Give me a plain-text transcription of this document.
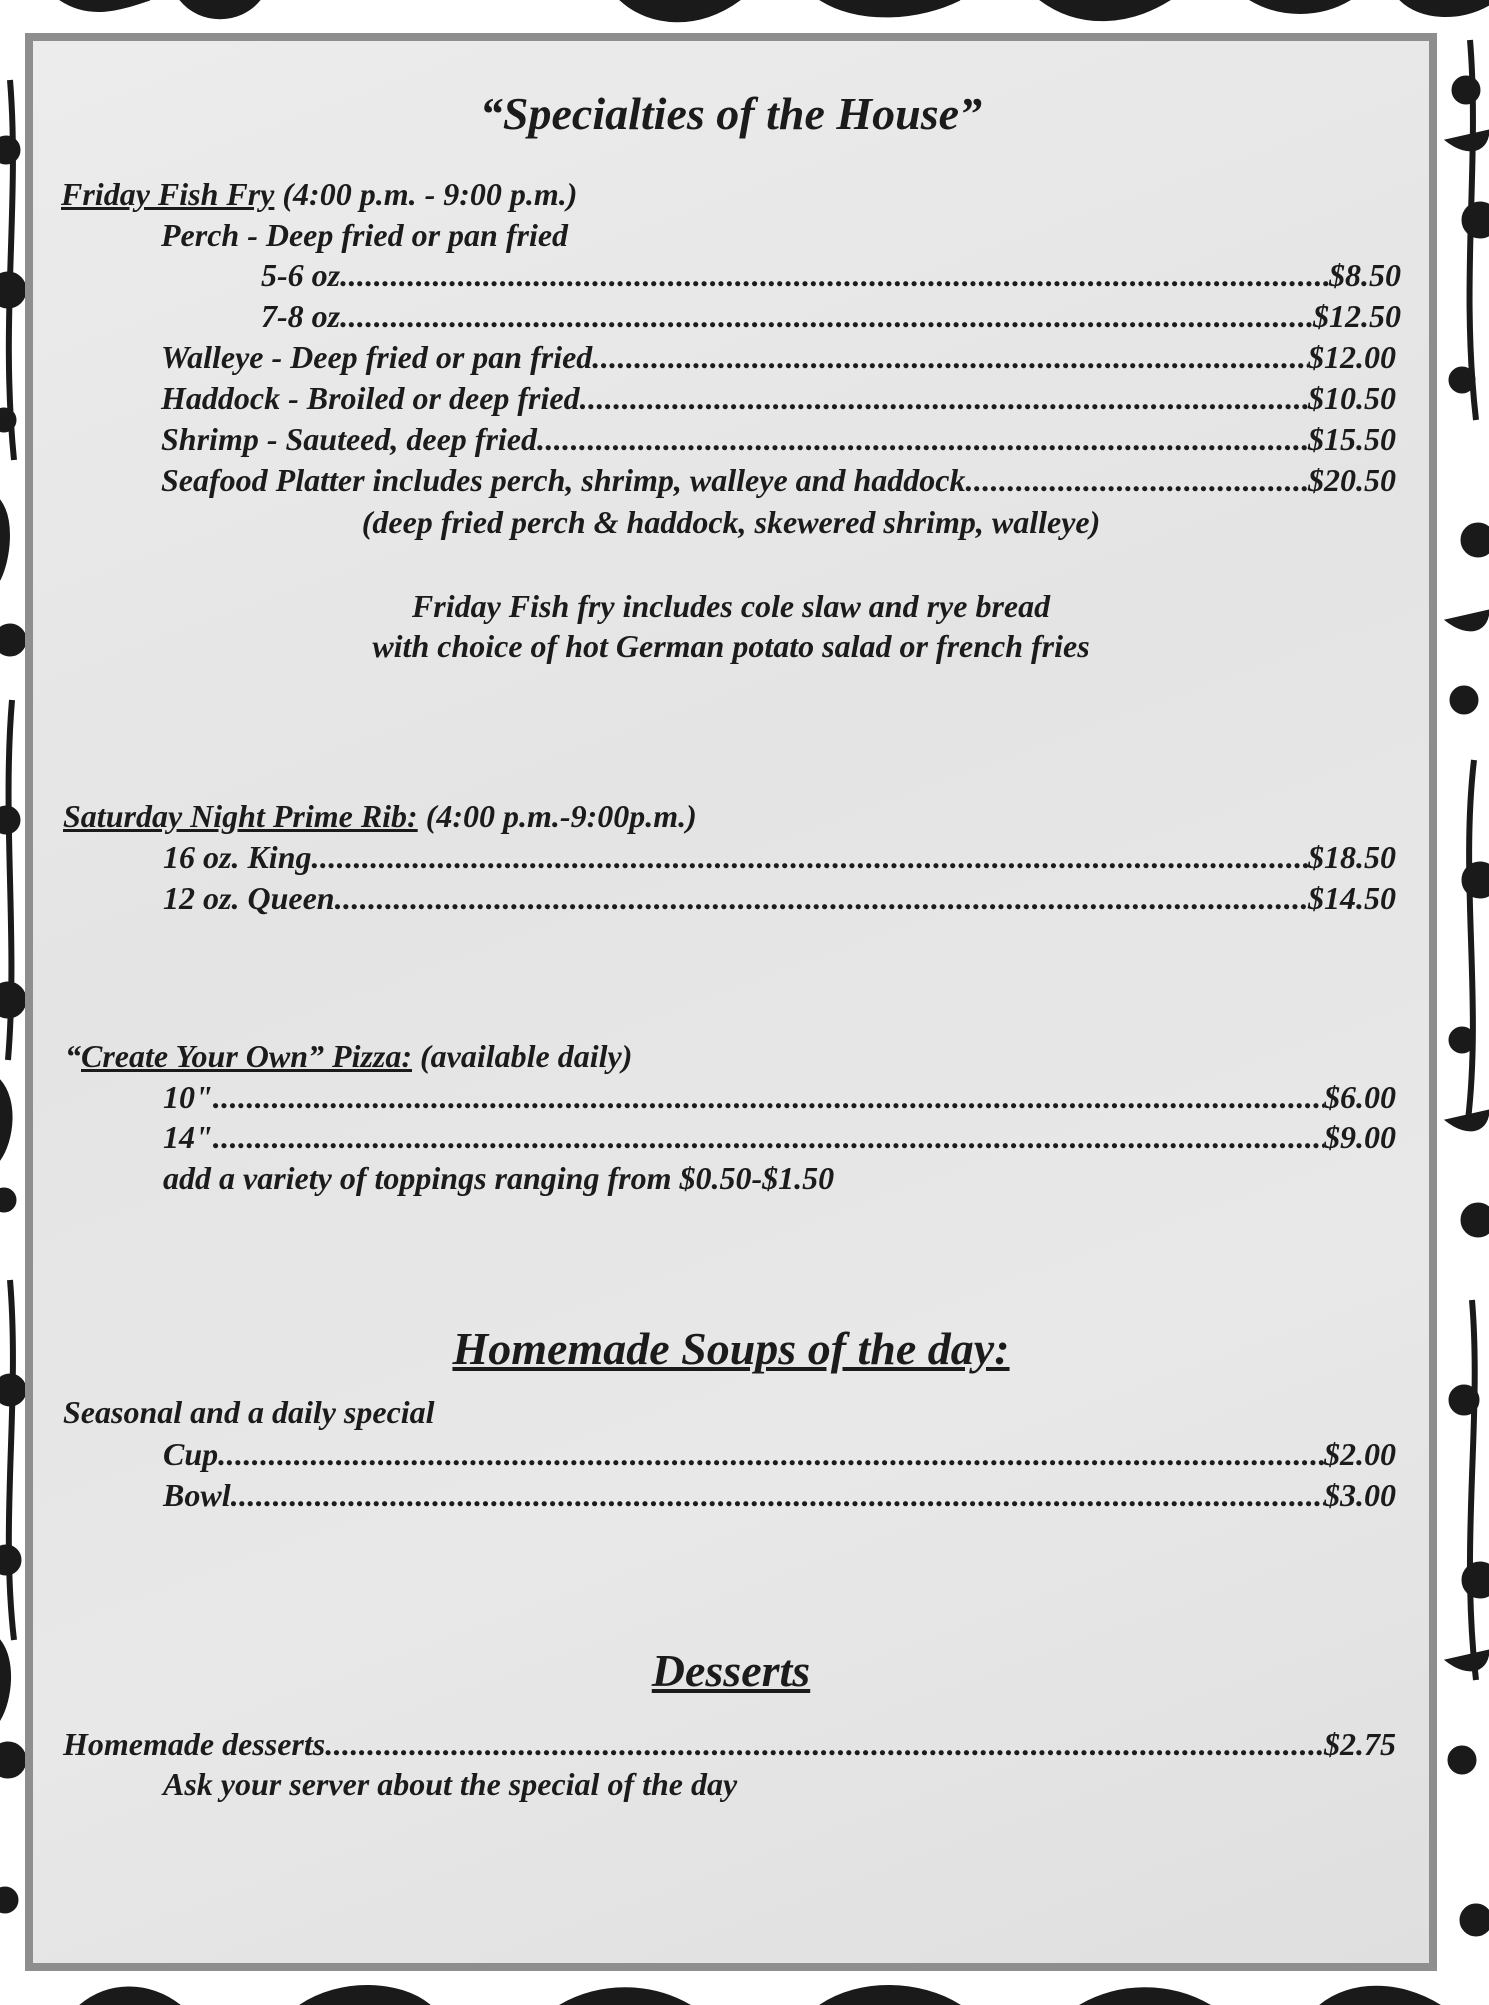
“Specialties of the House”
Friday Fish Fry (4:00 p.m. - 9:00 p.m.)
Perch - Deep fried or pan fried
5-6 oz .....	$8.50
7-8 oz .....	$12.50
Walleye - Deep fried or pan fried .....	$12.00
Haddock - Broiled or deep fried .....	$10.50
Shrimp - Sauteed, deep fried .....	$15.50
Seafood Platter includes perch, shrimp, walleye and haddock .....	$20.50
(deep fried perch & haddock, skewered shrimp, walleye)
Friday Fish fry includes cole slaw and rye bread
with choice of hot German potato salad or french fries
Saturday Night Prime Rib: (4:00 p.m.-9:00p.m.)
16 oz. King .....	$18.50
12 oz. Queen .....	$14.50
“Create Your Own” Pizza: (available daily)
10" .....	$6.00
14" .....	$9.00
add a variety of toppings ranging from $0.50-$1.50
Homemade Soups of the day:
Seasonal and a daily special
Cup .....	$2.00
Bowl .....	$3.00
Desserts
Homemade desserts .....	$2.75
Ask your server about the special of the day
